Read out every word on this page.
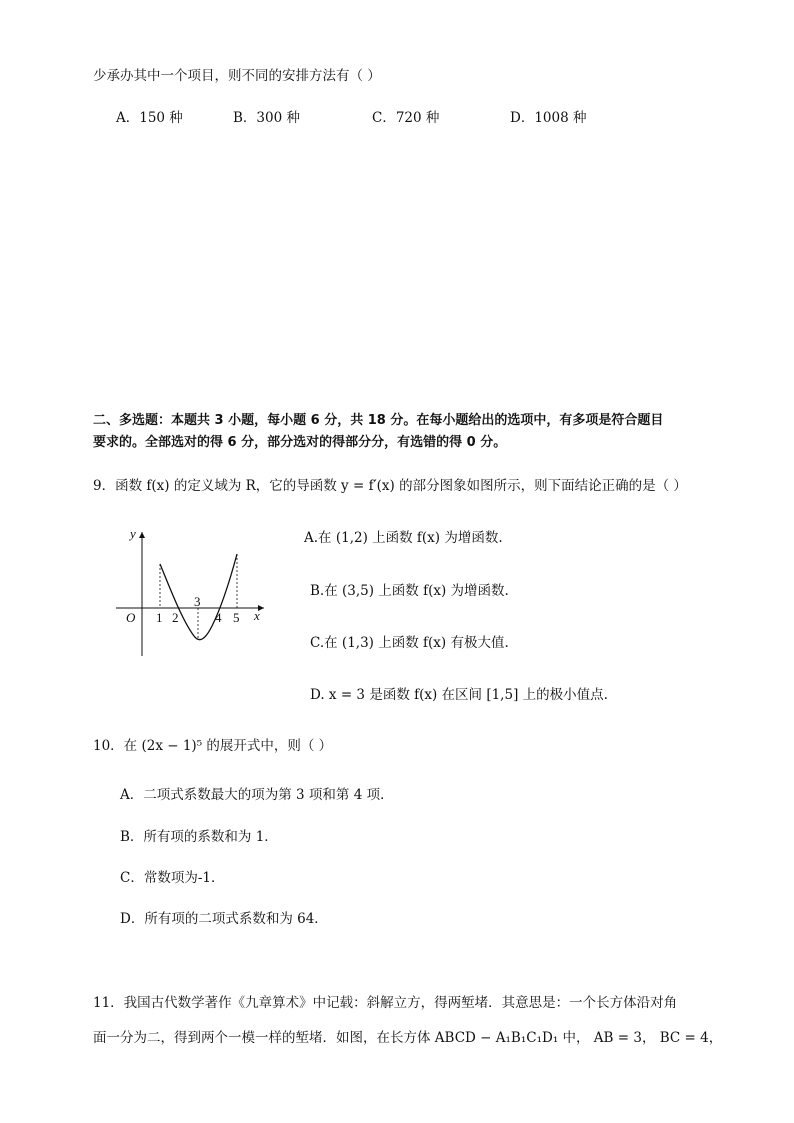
少承办其中一个项目，则不同的安排方法有（ ）
A．150 种	B．300 种	C．720 种	D．1008 种
二、多选题：本题共 3 小题，每小题 6 分，共 18 分。在每小题给出的选项中，有多项是符合题目
要求的。全部选对的得 6 分，部分选对的得部分分，有选错的得 0 分。
9．函数 f(x) 的定义域为 R，它的导函数 y = f′(x) 的部分图象如图所示，则下面结论正确的是（ ）
y
x
O 1 2
3
4 5
A.在 (1,2) 上函数 f(x) 为增函数.
B.在 (3,5) 上函数 f(x) 为增函数.
C.在 (1,3) 上函数 f(x) 有极大值.
D. x = 3 是函数 f(x) 在区间 [1,5] 上的极小值点.
10．在 (2x − 1)⁵ 的展开式中，则（ ）
A．二项式系数最大的项为第 3 项和第 4 项．
B．所有项的系数和为 1．
C．常数项为-1．
D．所有项的二项式系数和为 64．
11．我国古代数学著作《九章算术》中记载：斜解立方，得两堑堵．其意思是：一个长方体沿对角
面一分为二，得到两个一模一样的堑堵．如图，在长方体 ABCD − A₁B₁C₁D₁ 中， AB = 3， BC = 4，
